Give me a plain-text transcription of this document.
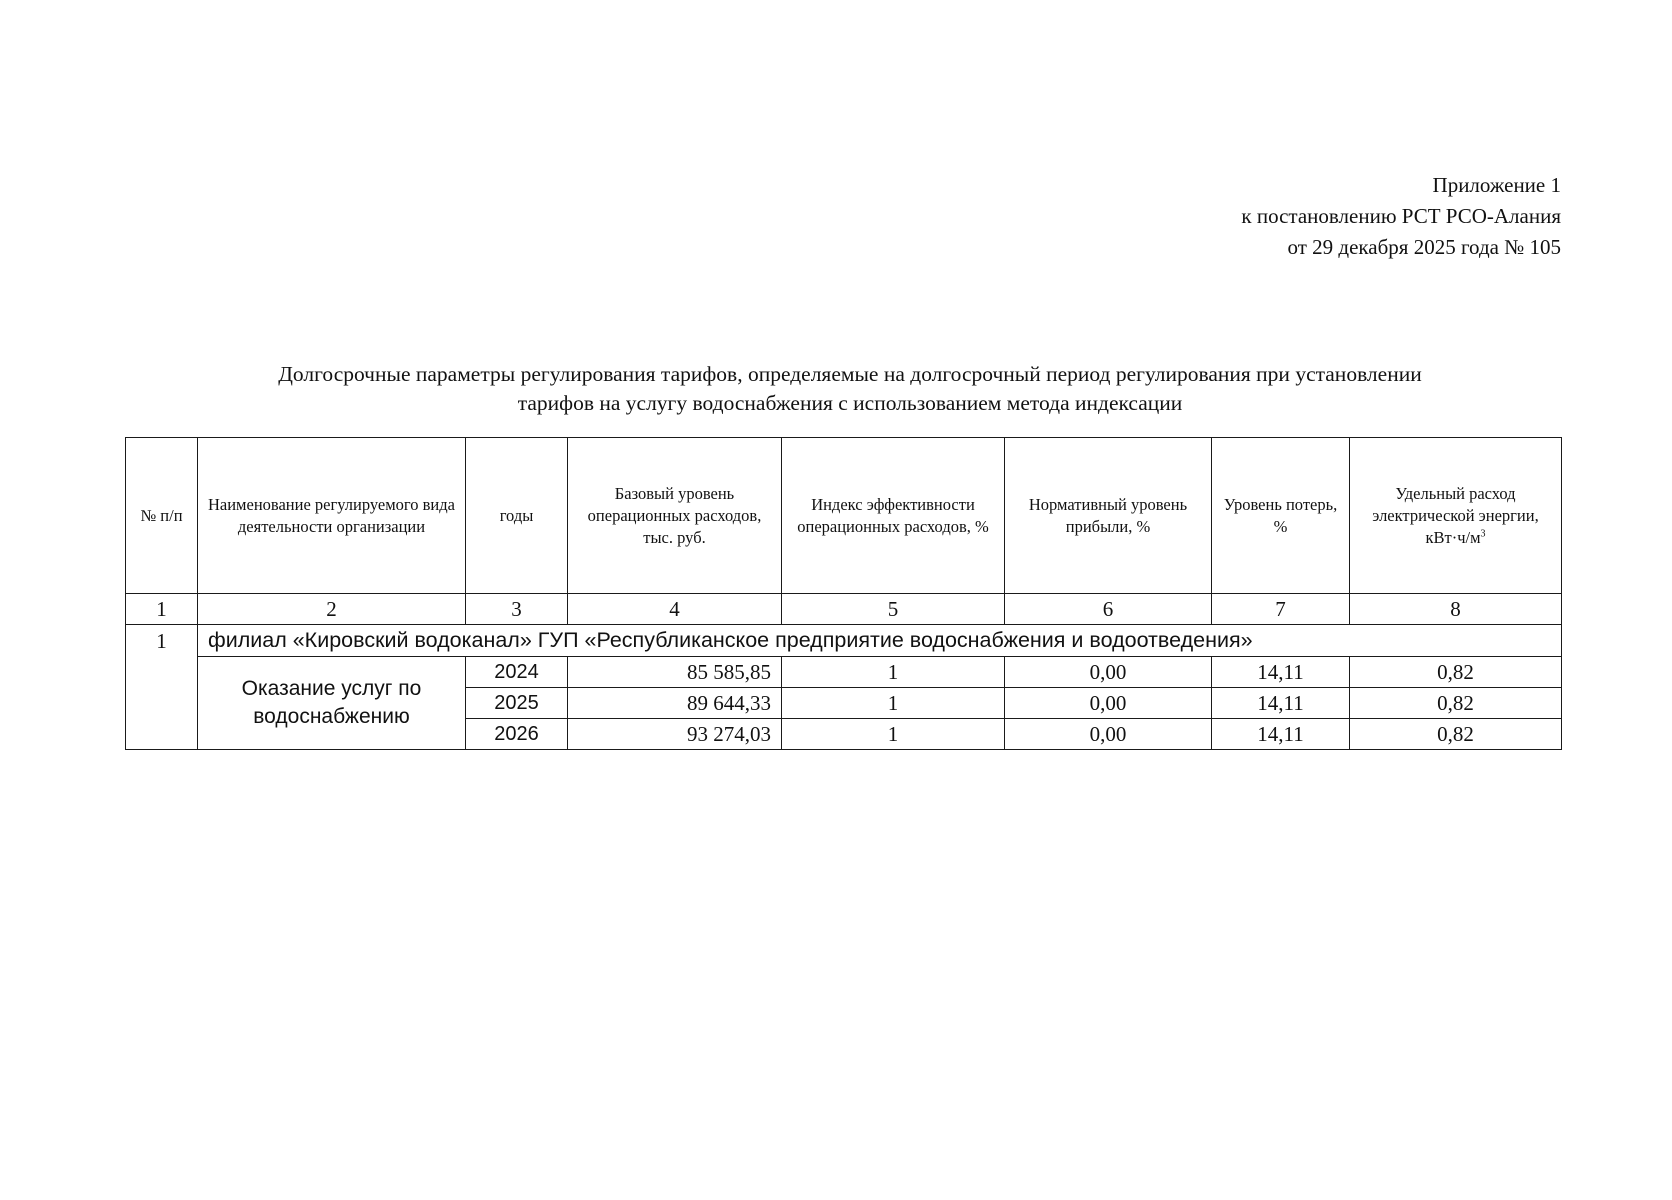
Приложение 1
к постановлению РСТ РСО-Алания
от 29 декабря 2025 года № 105
Долгосрочные параметры регулирования тарифов, определяемые на долгосрочный период регулирования при установлении
тарифов на услугу водоснабжения с использованием метода индексации
№ п/п	Наименование регулируемого вида деятельности организации	годы	Базовый уровень операционных расходов, тыс. руб.	Индекс эффективности операционных расходов, %	Нормативный уровень прибыли, %	Уровень потерь, %	Удельный расход электрической энергии, $кВт\cdot ч/м^3$
1	2	3	4	5	6	7	8
1	филиал «Кировский водоканал» ГУП «Республиканское предприятие водоснабжения и водоотведения»						
	Оказание услуг по водоснабжению	2024	85 585,85	1	0,00	14,11	0,82
		2025	89 644,33	1	0,00	14,11	0,82
		2026	93 274,03	1	0,00	14,11	0,82
